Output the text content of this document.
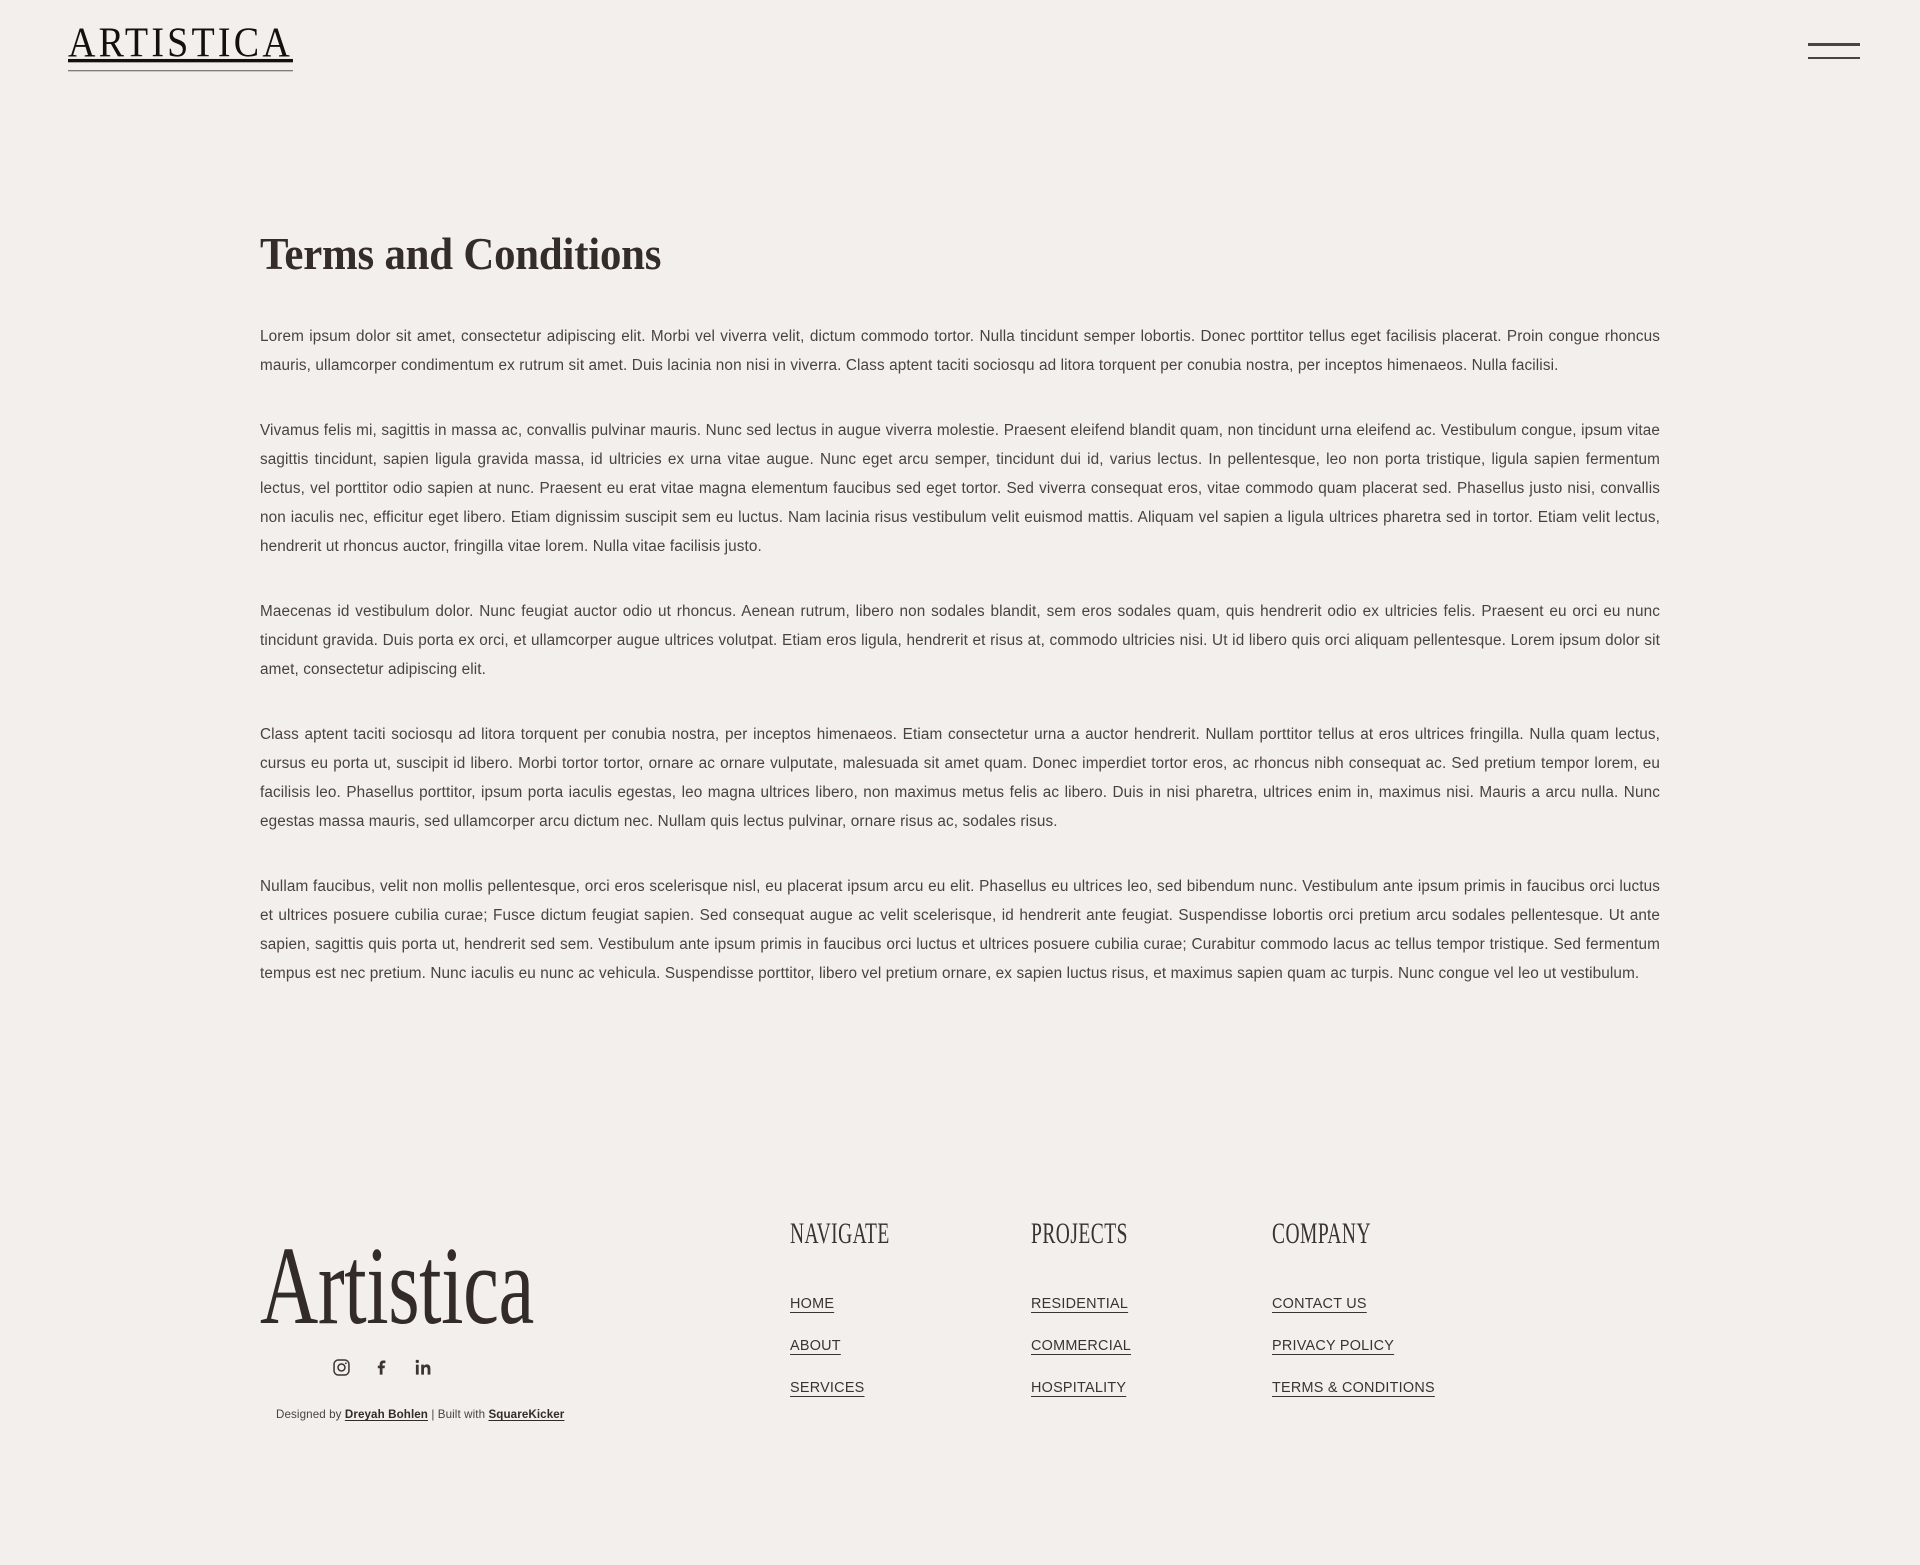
ARTISTICA
Terms and Conditions

Lorem ipsum dolor sit amet, consectetur adipiscing elit. Morbi vel viverra velit, dictum commodo tortor. Nulla tincidunt semper lobortis. Donec porttitor tellus eget facilisis placerat. Proin congue rhoncus mauris, ullamcorper condimentum ex rutrum sit amet. Duis lacinia non nisi in viverra. Class aptent taciti sociosqu ad litora torquent per conubia nostra, per inceptos himenaeos. Nulla facilisi.

Vivamus felis mi, sagittis in massa ac, convallis pulvinar mauris. Nunc sed lectus in augue viverra molestie. Praesent eleifend blandit quam, non tincidunt urna eleifend ac. Vestibulum congue, ipsum vitae sagittis tincidunt, sapien ligula gravida massa, id ultricies ex urna vitae augue. Nunc eget arcu semper, tincidunt dui id, varius lectus. In pellentesque, leo non porta tristique, ligula sapien fermentum lectus, vel porttitor odio sapien at nunc. Praesent eu erat vitae magna elementum faucibus sed eget tortor. Sed viverra consequat eros, vitae commodo quam placerat sed. Phasellus justo nisi, convallis non iaculis nec, efficitur eget libero. Etiam dignissim suscipit sem eu luctus. Nam lacinia risus vestibulum velit euismod mattis. Aliquam vel sapien a ligula ultrices pharetra sed in tortor. Etiam velit lectus, hendrerit ut rhoncus auctor, fringilla vitae lorem. Nulla vitae facilisis justo.

Maecenas id vestibulum dolor. Nunc feugiat auctor odio ut rhoncus. Aenean rutrum, libero non sodales blandit, sem eros sodales quam, quis hendrerit odio ex ultricies felis. Praesent eu orci eu nunc tincidunt gravida. Duis porta ex orci, et ullamcorper augue ultrices volutpat. Etiam eros ligula, hendrerit et risus at, commodo ultricies nisi. Ut id libero quis orci aliquam pellentesque. Lorem ipsum dolor sit amet, consectetur adipiscing elit.

Class aptent taciti sociosqu ad litora torquent per conubia nostra, per inceptos himenaeos. Etiam consectetur urna a auctor hendrerit. Nullam porttitor tellus at eros ultrices fringilla. Nulla quam lectus, cursus eu porta ut, suscipit id libero. Morbi tortor tortor, ornare ac ornare vulputate, malesuada sit amet quam. Donec imperdiet tortor eros, ac rhoncus nibh consequat ac. Sed pretium tempor lorem, eu facilisis leo. Phasellus porttitor, ipsum porta iaculis egestas, leo magna ultrices libero, non maximus metus felis ac libero. Duis in nisi pharetra, ultrices enim in, maximus nisi. Mauris a arcu nulla. Nunc egestas massa mauris, sed ullamcorper arcu dictum nec. Nullam quis lectus pulvinar, ornare risus ac, sodales risus.

Nullam faucibus, velit non mollis pellentesque, orci eros scelerisque nisl, eu placerat ipsum arcu eu elit. Phasellus eu ultrices leo, sed bibendum nunc. Vestibulum ante ipsum primis in faucibus orci luctus et ultrices posuere cubilia curae; Fusce dictum feugiat sapien. Sed consequat augue ac velit scelerisque, id hendrerit ante feugiat. Suspendisse lobortis orci pretium arcu sodales pellentesque. Ut ante sapien, sagittis quis porta ut, hendrerit sed sem. Vestibulum ante ipsum primis in faucibus orci luctus et ultrices posuere cubilia curae; Curabitur commodo lacus ac tellus tempor tristique. Sed fermentum tempus est nec pretium. Nunc iaculis eu nunc ac vehicula. Suspendisse porttitor, libero vel pretium ornare, ex sapien luctus risus, et maximus sapien quam ac turpis. Nunc congue vel leo ut vestibulum.

Artistica
Designed by Dreyah Bohlen | Built with SquareKicker
NAVIGATE
HOME
ABOUT
SERVICES
PROJECTS
RESIDENTIAL
COMMERCIAL
HOSPITALITY
COMPANY
CONTACT US
PRIVACY POLICY
TERMS & CONDITIONS
